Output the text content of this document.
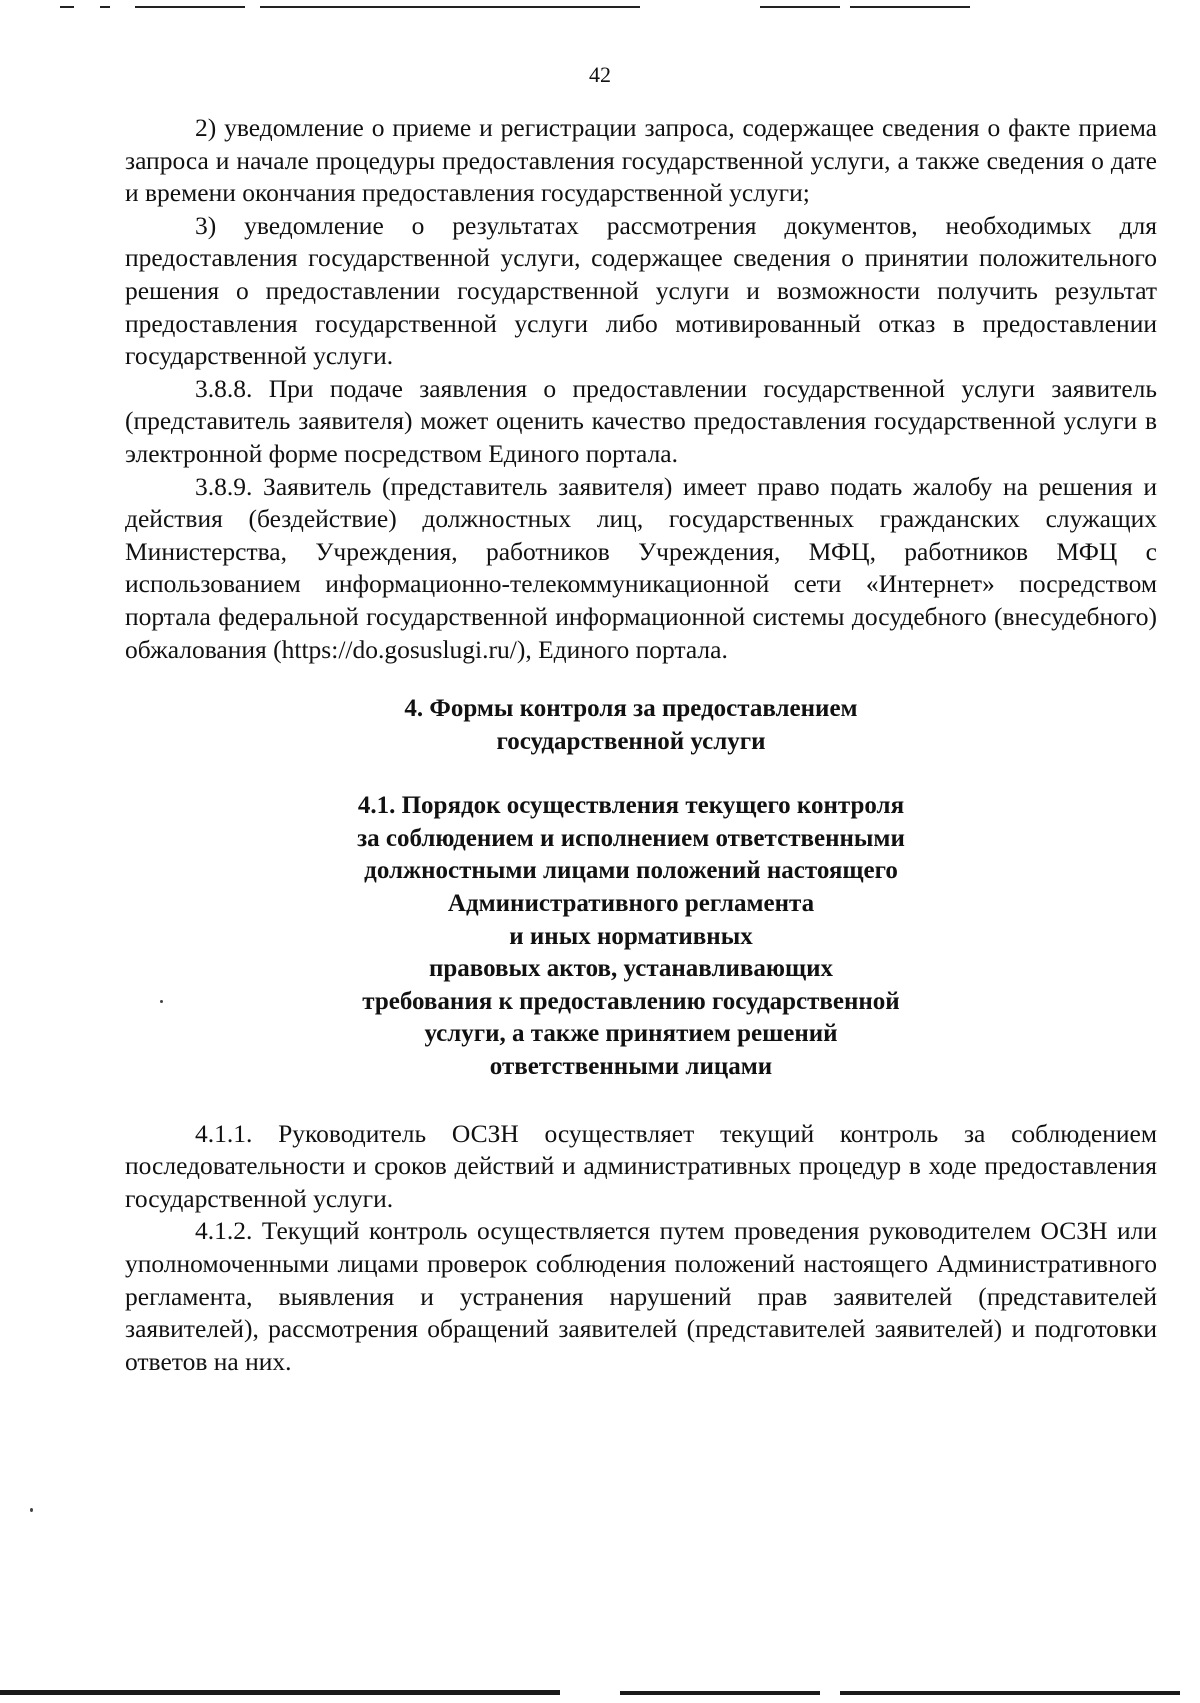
42

2) уведомление о приеме и регистрации запроса, содержащее сведения о факте приема запроса и начале процедуры предоставления государственной услуги, а также сведения о дате и времени окончания предоставления государственной услуги;

3) уведомление о результатах рассмотрения документов, необходимых для предоставления государственной услуги, содержащее сведения о принятии положительного решения о предоставлении государственной услуги и возможности получить результат предоставления государственной услуги либо мотивированный отказ в предоставлении государственной услуги.

3.8.8. При подаче заявления о предоставлении государственной услуги заявитель (представитель заявителя) может оценить качество предоставления государственной услуги в электронной форме посредством Единого портала.

3.8.9. Заявитель (представитель заявителя) имеет право подать жалобу на решения и действия (бездействие) должностных лиц, государственных гражданских служащих Министерства, Учреждения, работников Учреждения, МФЦ, работников МФЦ с использованием информационно-телекоммуникационной сети «Интернет» посредством портала федеральной государственной информационной системы досудебного (внесудебного) обжалования (https://do.gosuslugi.ru/), Единого портала.

4. Формы контроля за предоставлением
государственной услуги
4.1. Порядок осуществления текущего контроля
за соблюдением и исполнением ответственными
должностными лицами положений настоящего
Административного регламента
и иных нормативных
правовых актов, устанавливающих
требования к предоставлению государственной
услуги, а также принятием решений
ответственными лицами

4.1.1. Руководитель ОСЗН осуществляет текущий контроль за соблюдением последовательности и сроков действий и административных процедур в ходе предоставления государственной услуги.

4.1.2. Текущий контроль осуществляется путем проведения руководителем ОСЗН или уполномоченными лицами проверок соблюдения положений настоящего Административного регламента, выявления и устранения нарушений прав заявителей (представителей заявителей), рассмотрения обращений заявителей (представителей заявителей) и подготовки ответов на них.
